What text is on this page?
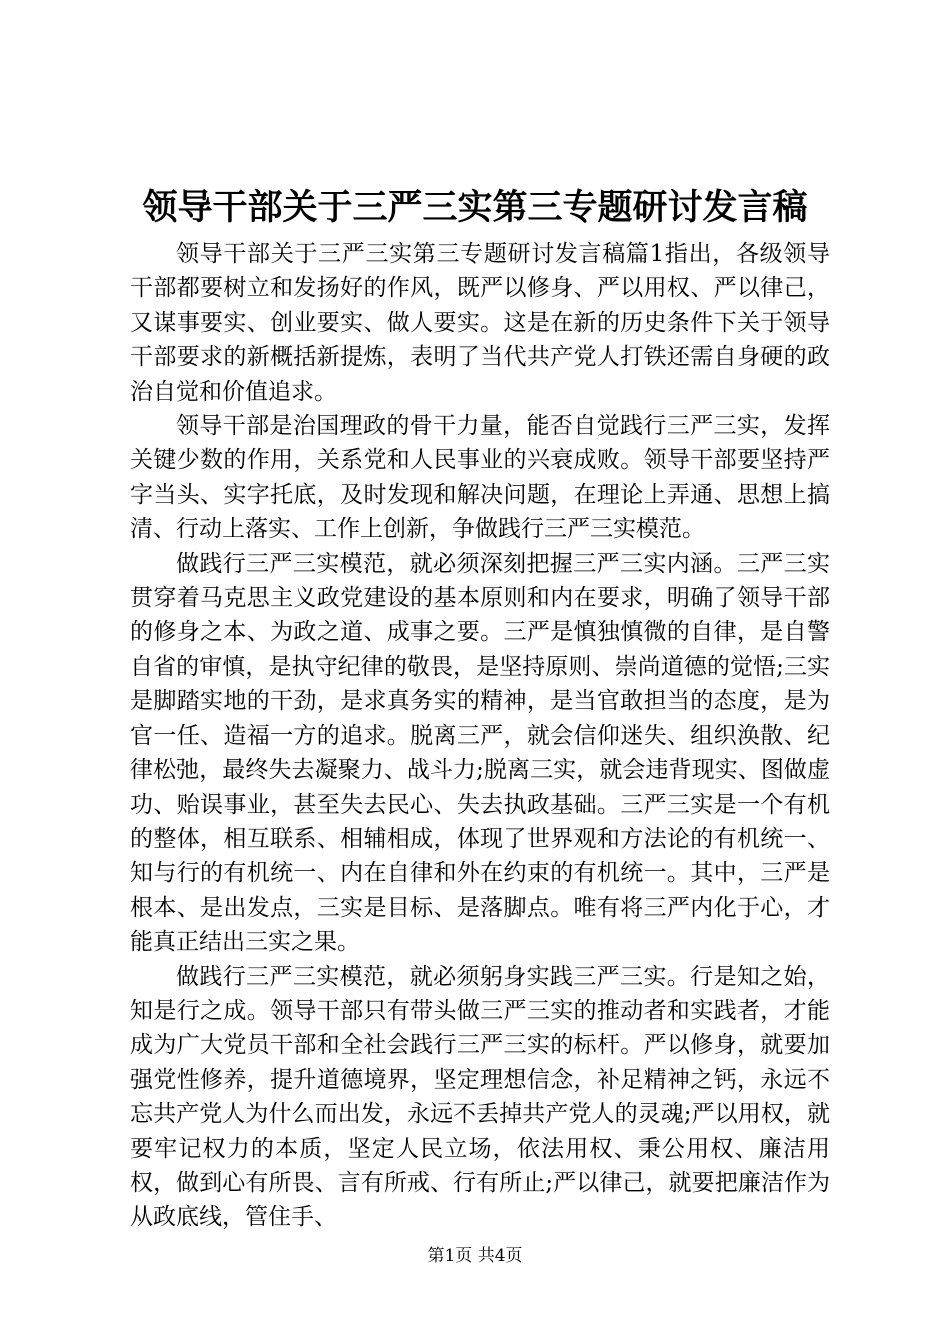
领导干部关于三严三实第三专题研讨发言稿

领导干部关于三严三实第三专题研讨发言稿篇1指出，各级领导干部都要树立和发扬好的作风，既严以修身、严以用权、严以律己，又谋事要实、创业要实、做人要实。这是在新的历史条件下关于领导干部要求的新概括新提炼，表明了当代共产党人打铁还需自身硬的政治自觉和价值追求。

领导干部是治国理政的骨干力量，能否自觉践行三严三实，发挥关键少数的作用，关系党和人民事业的兴衰成败。领导干部要坚持严字当头、实字托底，及时发现和解决问题，在理论上弄通、思想上搞清、行动上落实、工作上创新，争做践行三严三实模范。

做践行三严三实模范，就必须深刻把握三严三实内涵。三严三实贯穿着马克思主义政党建设的基本原则和内在要求，明确了领导干部的修身之本、为政之道、成事之要。三严是慎独慎微的自律，是自警自省的审慎，是执守纪律的敬畏，是坚持原则、崇尚道德的觉悟;三实是脚踏实地的干劲，是求真务实的精神，是当官敢担当的态度，是为官一任、造福一方的追求。脱离三严，就会信仰迷失、组织涣散、纪律松弛，最终失去凝聚力、战斗力;脱离三实，就会违背现实、图做虚功、贻误事业，甚至失去民心、失去执政基础。三严三实是一个有机的整体，相互联系、相辅相成，体现了世界观和方法论的有机统一、知与行的有机统一、内在自律和外在约束的有机统一。其中，三严是根本、是出发点，三实是目标、是落脚点。唯有将三严内化于心，才能真正结出三实之果。

做践行三严三实模范，就必须躬身实践三严三实。行是知之始，知是行之成。领导干部只有带头做三严三实的推动者和实践者，才能成为广大党员干部和全社会践行三严三实的标杆。严以修身，就要加强党性修养，提升道德境界，坚定理想信念，补足精神之钙，永远不忘共产党人为什么而出发，永远不丢掉共产党人的灵魂;严以用权，就要牢记权力的本质，坚定人民立场，依法用权、秉公用权、廉洁用权，做到心有所畏、言有所戒、行有所止;严以律己，就要把廉洁作为从政底线，管住手、

第1页 共4页
